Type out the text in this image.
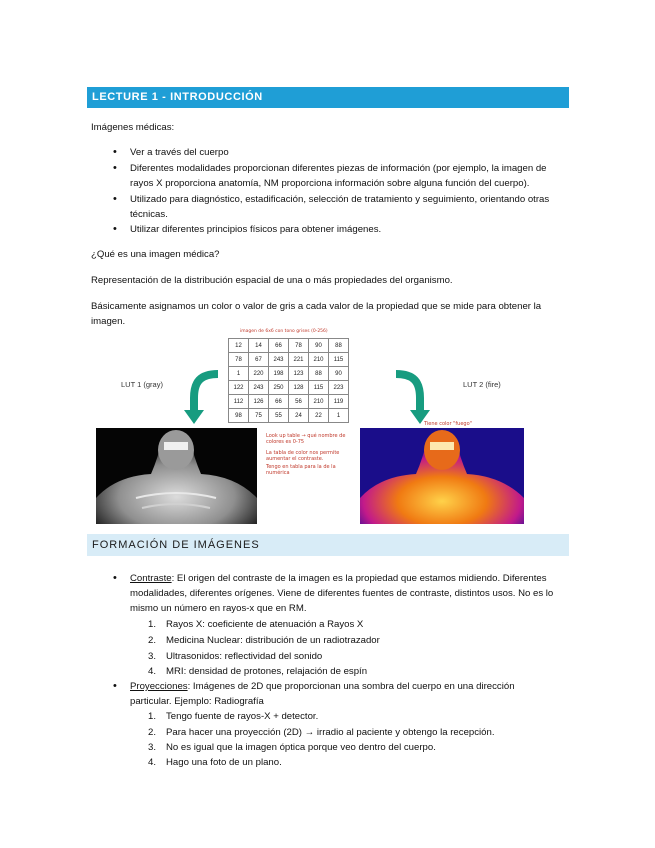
LECTURE 1 - INTRODUCCIÓN
Imágenes médicas:
• Ver a través del cuerpo
• Diferentes modalidades proporcionan diferentes piezas de información (por ejemplo, la imagen de rayos X proporciona anatomía, NM proporciona información sobre alguna función del cuerpo).
• Utilizado para diagnóstico, estadificación, selección de tratamiento y seguimiento, orientando otras técnicas.
• Utilizar diferentes principios físicos para obtener imágenes.
¿Qué es una imagen médica?
Representación de la distribución espacial de una o más propiedades del organismo.
Básicamente asignamos un color o valor de gris a cada valor de la propiedad que se mide para obtener la imagen.
imagen de 6x6 con tono grises (0-256)
12	14	66	78	90	88
78	67	243	221	210	115
1	220	198	123	88	90
122	243	250	128	115	223
112	126	66	56	210	119
98	75	55	24	22	1
LUT 1 (gray)	LUT 2 (fire)
Look up table → qué nombre de colores es 0-75
La tabla de color nos permite aumentar el contraste.
Tengo en tabla para la de la numérica
Tiene color "fuego"
FORMACIÓN DE IMÁGENES
• Contraste: El origen del contraste de la imagen es la propiedad que estamos midiendo. Diferentes modalidades, diferentes orígenes. Viene de diferentes fuentes de contraste, distintos usos. No es lo mismo un número en rayos-x que en RM.
1. Rayos X: coeficiente de atenuación a Rayos X
2. Medicina Nuclear: distribución de un radiotrazador
3. Ultrasonidos: reflectividad del sonido
4. MRI: densidad de protones, relajación de espín
• Proyecciones: Imágenes de 2D que proporcionan una sombra del cuerpo en una dirección particular. Ejemplo: Radiografía
1. Tengo fuente de rayos-X + detector.
2. Para hacer una proyección (2D) → irradio al paciente y obtengo la recepción.
3. No es igual que la imagen óptica porque veo dentro del cuerpo.
4. Hago una foto de un plano.
